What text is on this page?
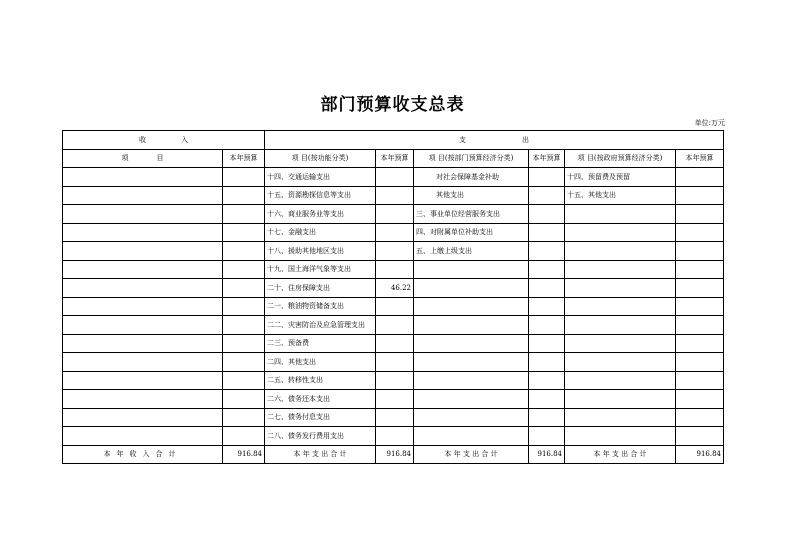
部门预算收支总表
单位:万元
收　　　　　入		支　　　　　　　　出					
项　　　　目	本年预算	项 目(按功能分类)	本年预算	项 目(按部门预算经济分类)	本年预算	项 目(按政府预算经济分类)	本年预算
		十四、交通运输支出		对社会保障基金补助		十四、预留费及预留	
		十五、资源勘探信息等支出		其他支出		十五、其他支出	
		十六、商业服务业等支出		三、事业单位经营服务支出			
		十七、金融支出		四、对附属单位补助支出			
		十八、援助其他地区支出		五、上缴上级支出			
		十九、国土海洋气象等支出					
		二十、住房保障支出	46.22				
		二一、粮油物资储备支出					
		二二、灾害防治及应急管理支出					
		二三、预备费					
		二四、其他支出					
		二五、转移性支出					
		二六、债务还本支出					
		二七、债务付息支出					
		二八、债务发行费用支出					
本年收入合计	916.84	本 年 支 出 合 计	916.84	本 年 支 出 合 计	916.84	本 年 支 出 合 计	916.84
